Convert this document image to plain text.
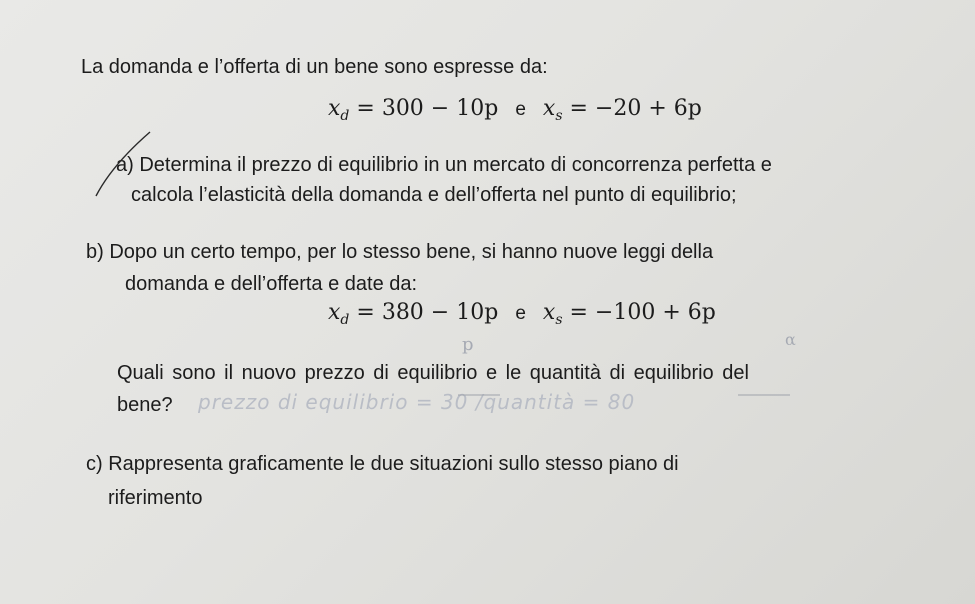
La domanda e l’offerta di un bene sono espresse da:
$x_d = 300 - 10p$ e $x_s = -20 + 6p$
a) Determina il prezzo di equilibrio in un mercato di concorrenza perfetta e
calcola l’elasticità della domanda e dell’offerta nel punto di equilibrio;
b) Dopo un certo tempo, per lo stesso bene, si hanno nuove leggi della
domanda e dell’offerta e date da:
$x_d = 380 - 10p$ e $x_s = -100 + 6p$
p	α
Quali sono il nuovo prezzo di equilibrio e le quantità di equilibrio del
bene? prezzo di equilibrio = 30 /quantità = 80
c) Rappresenta graficamente le due situazioni sullo stesso piano di
riferimento
